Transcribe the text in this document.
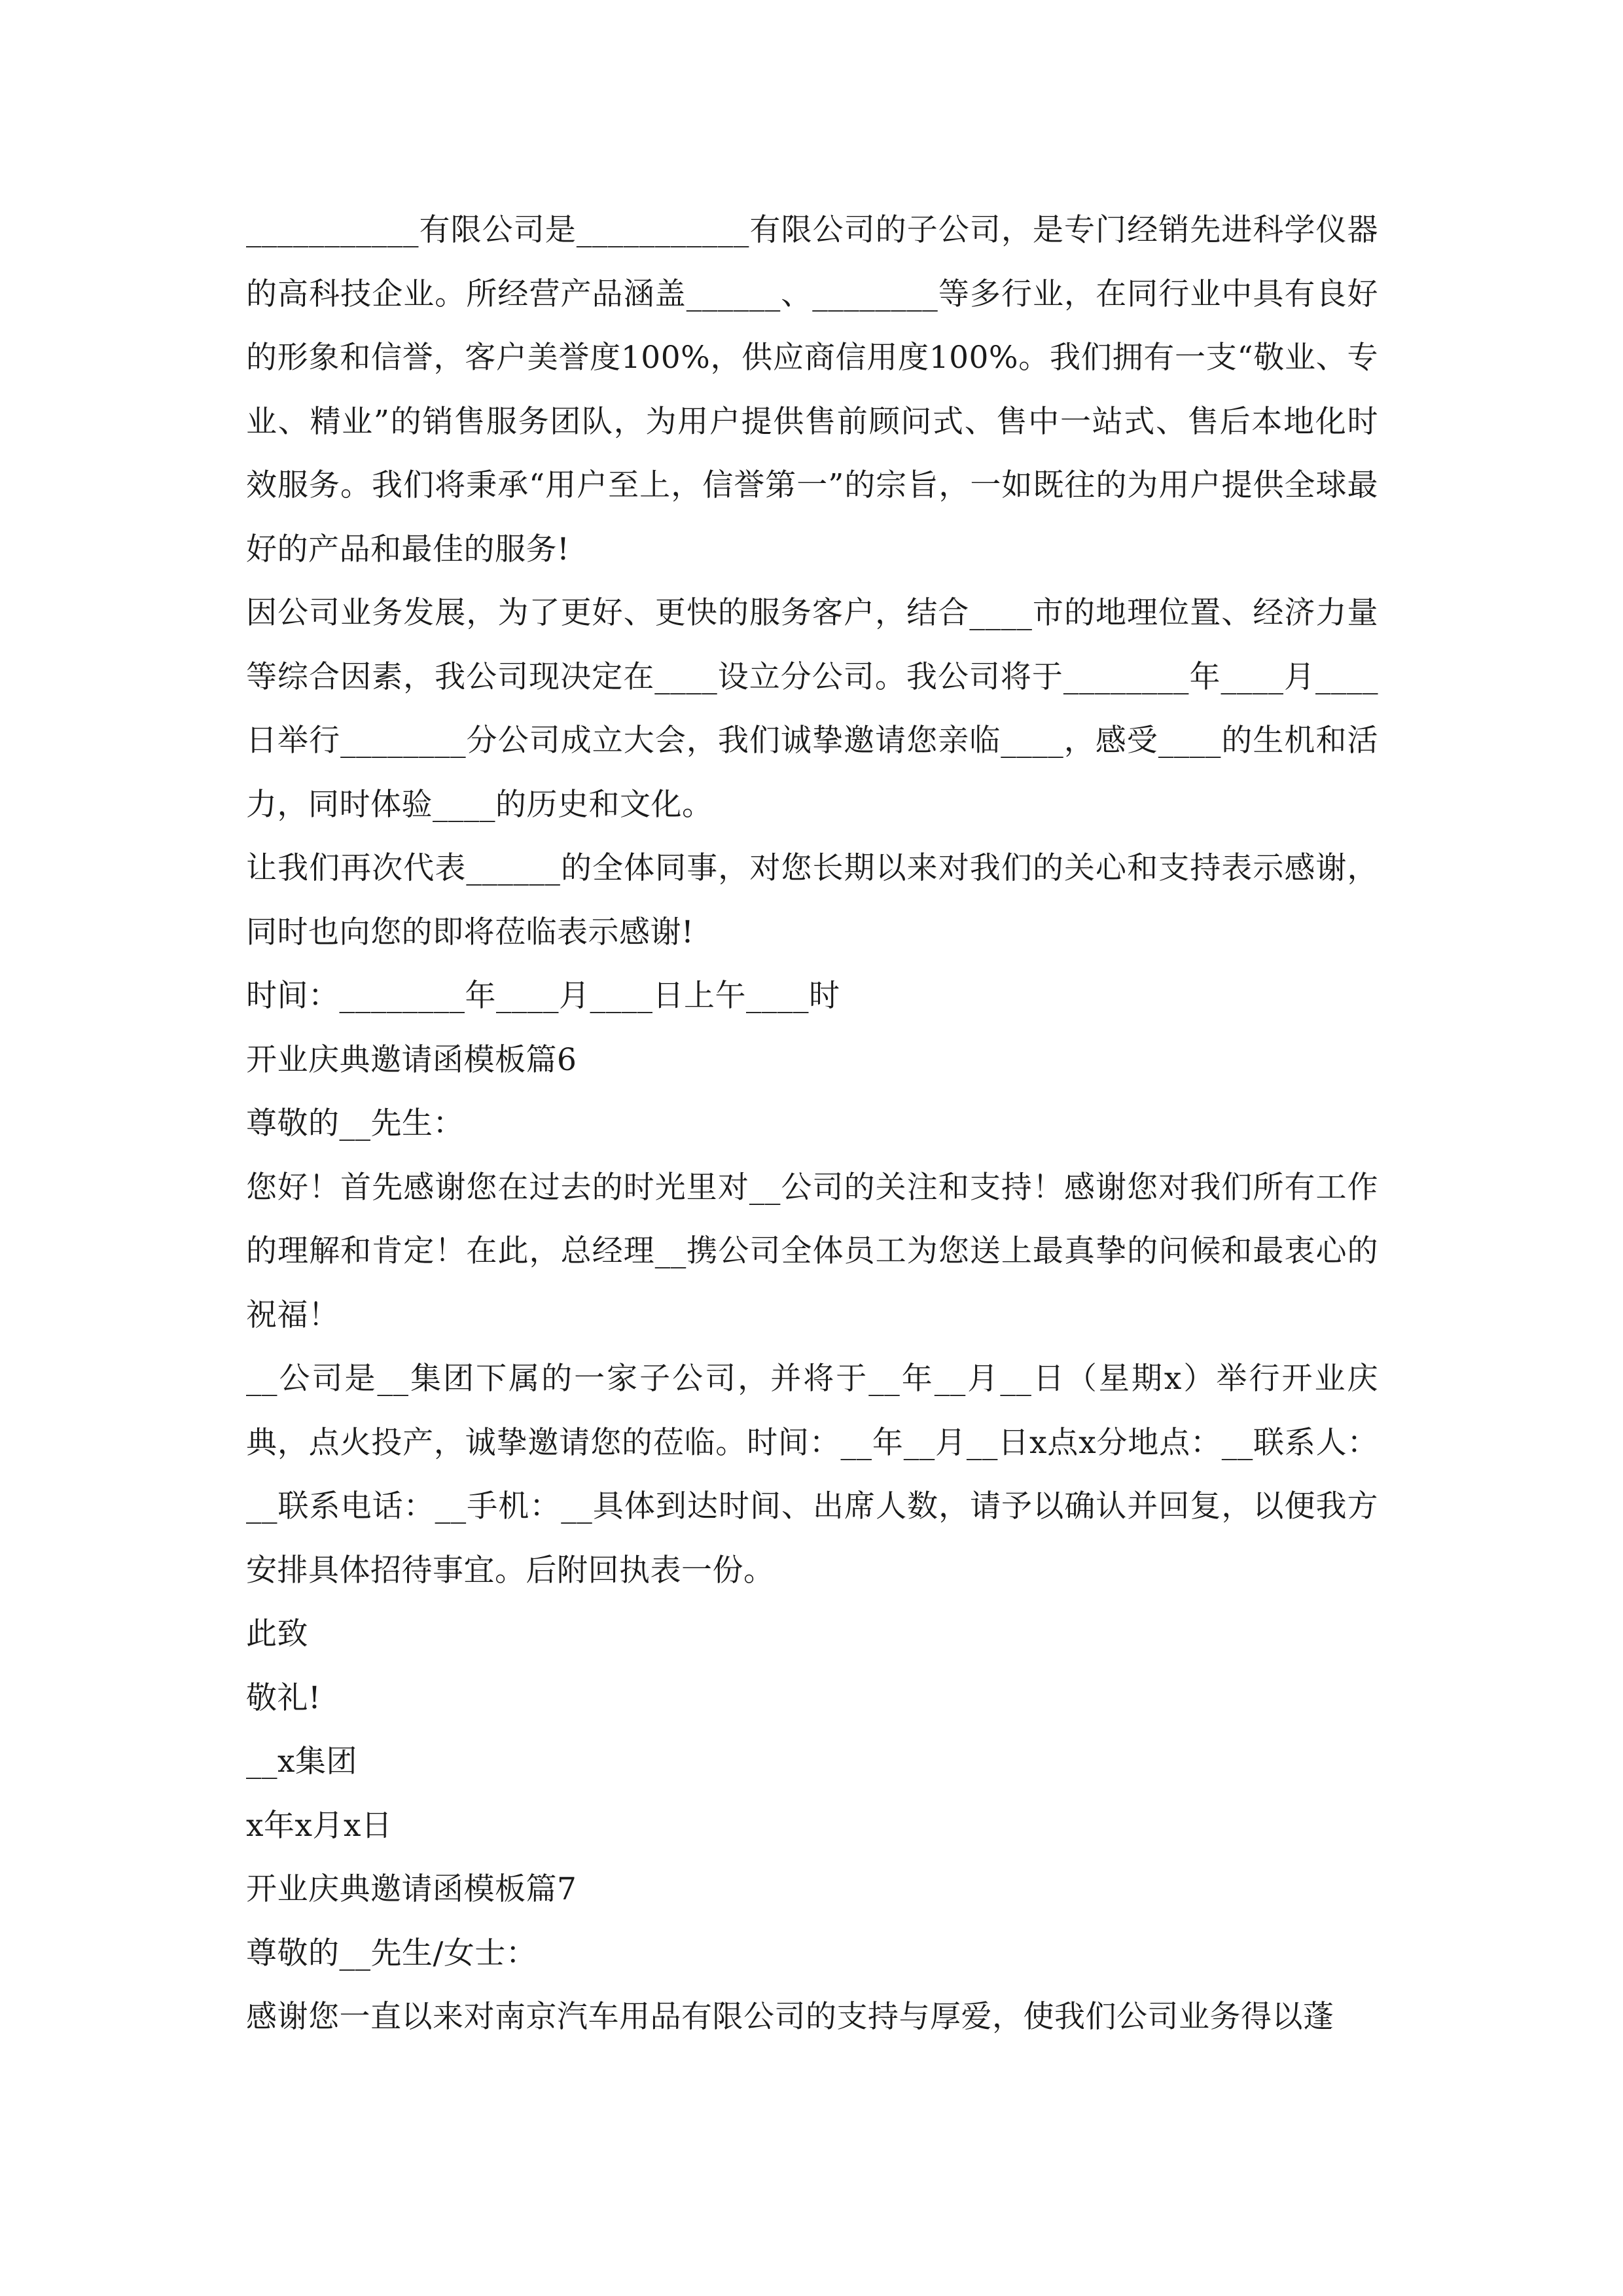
___________有限公司是___________有限公司的子公司，是专门经销先进科学仪器的高科技企业。所经营产品涵盖______、________等多行业，在同行业中具有良好的形象和信誉，客户美誉度100%，供应商信用度100%。我们拥有一支“敬业、专业、精业”的销售服务团队，为用户提供售前顾问式、售中一站式、售后本地化时效服务。我们将秉承“用户至上，信誉第一”的宗旨，一如既往的为用户提供全球最好的产品和最佳的服务!

因公司业务发展，为了更好、更快的服务客户，结合____市的地理位置、经济力量等综合因素，我公司现决定在____设立分公司。我公司将于________年____月____日举行________分公司成立大会，我们诚挚邀请您亲临____，感受____的生机和活力，同时体验____的历史和文化。

让我们再次代表______的全体同事，对您长期以来对我们的关心和支持表示感谢，同时也向您的即将莅临表示感谢!

时间：________年____月____日上午____时

开业庆典邀请函模板篇6

尊敬的__先生：

您好！首先感谢您在过去的时光里对__公司的关注和支持！感谢您对我们所有工作的理解和肯定！在此，总经理__携公司全体员工为您送上最真挚的问候和最衷心的祝福！

__公司是__集团下属的一家子公司，并将于__年__月__日（星期x）举行开业庆典，点火投产，诚挚邀请您的莅临。时间：__年__月__日x点x分地点：__联系人：__联系电话：__手机：__具体到达时间、出席人数，请予以确认并回复，以便我方安排具体招待事宜。后附回执表一份。

此致

敬礼!

__x集团

x年x月x日

开业庆典邀请函模板篇7

尊敬的__先生/女士：

感谢您一直以来对南京汽车用品有限公司的支持与厚爱，使我们公司业务得以蓬
